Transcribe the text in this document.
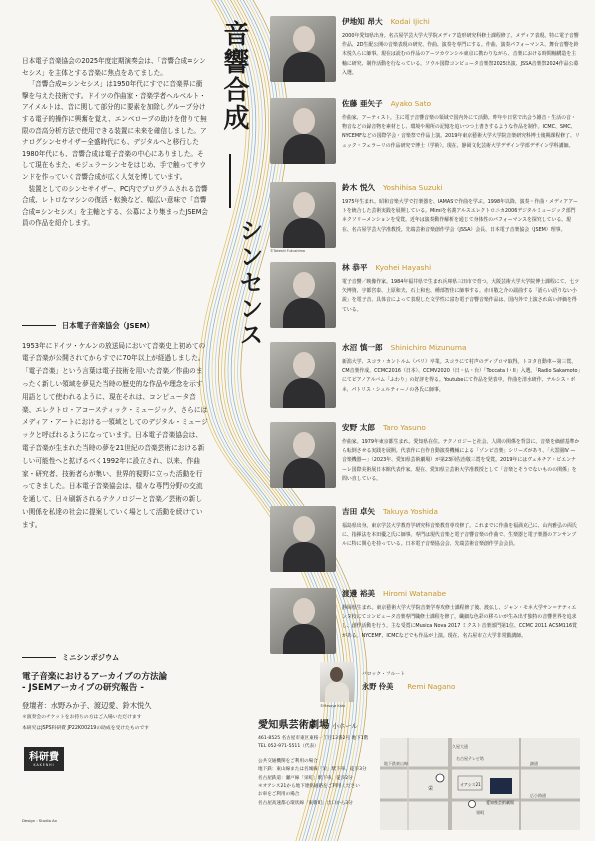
音響合成
シンセンス

日本電子音楽協会の2025年度定期演奏会は、「音響合成=シンセシス」を主体とする音楽に焦点をあてました。

「音響合成=シンセシス」は1950年代にすでに音楽界に衝撃を与えた技術です。ドイツの作曲家・音楽学者ヘルベルト・アイメルトは、音に関して部分的に要素を加除しグループ分けする電子的操作に興奮を覚え、エンベロープの助けを借りて無限の音高分析方法で使用できる装置に未来を確信しました。アナログシンセサイザー全盛時代にも、デジタルへと移行した1980年代にも、音響合成は電子音楽の中心にありました。そして現在もまた、モジュラーシンセをはじめ、手で触ってサウンドを作っていく音響合成が広く人気を博しています。

装置としてのシンセサイザー、PC内でプログラムされる音響合成、レトロなマシンの復活・転換など、幅広い意味で「音響合成=シンセシス」を主軸とする、公募により集まったJSEM会員の作品を紹介します。

日本電子音楽協会（JSEM）

1953年にドイツ・ケルンの放送局において音楽史上初めての電子音楽が公開されてからすでに70年以上が経過しました。「電子音楽」という言葉は電子技術を用いた音楽／作曲のまったく新しい領域を夢見た当時の歴史的な作品や理念を示す用語として使われるように、現在それは、コンピュータ音楽、エレクトロ・アコースティック・ミュージック、さらにはメディア・アートにおける一領域としてのデジタル・ミュージックと呼ばれるようになっています。日本電子音楽協会は、電子音楽が生まれた当時の夢を21世紀の音楽芸術における新しい可能性へと拡げるべく1992年に設立され、以来、作曲家・研究者、技術者らが集い、世界的視野に立った活動を行ってきました。日本電子音楽協会は、様々な専門分野の交流を通して、日々刷新されるテクノロジーと音楽／芸術の新しい関係を私達の社会に提案していく場として活動を続けています。

ミニシンポジウム
電子音楽におけるアーカイブの方法論
- JSEMアーカイブの研究報告 -
登壇者：水野みか子、渡辺愛、鈴木悦久
＊演奏会のチケットをお持ちの方はご入場いただけます
本研究はJSPS科研費 JP22K00219の助成を受けたものです
科研費
KAKENHI
Design : Studio Ax
伊地知 昂大 Kodai Ijichi
2000年愛知県出身。名古屋学芸大学大学院メディア造形研究科修士課程修了。メディア表現、特に電子音響作品、2D生配公開の音楽表現の研究、作曲、演奏を専門にする。作曲、演奏パフォーマンス、舞台音響を鈴木悦久らに師事。現在は読むの作品のアーツカウンシル東京に携わりながら、音楽における時間軸構造を主軸に研究、制作活動を行なっている。ソウル国際コンピュータ音楽祭2025出演、JSSA音楽祭2024作品公募入選。
佐藤 亜矢子 Ayako Sato
作曲家、アーティスト。主に電子音響音楽の領域で国内外にて活動。昨年や日常で出会う雑音・生活の音・物音などの録音物を素材とし、環境や場所の記憶を追いつつ上書きするような作品を制作。ICMC、SMC、NYCEMFなどの国際学会・音楽祭で作品上演。2019年東京藝術大学大学院音楽研究科博士後期課程修了、リュック・フェラーリの作品研究で博士（学術）。現在、静岡文化芸術大学デザイン学部デザイン学科講師。
©Takeshi Fukushima
鈴木 悦久 Yoshihisa Suzuki
1975年生まれ。昭和音楽大学で打楽器を、IAMASで作曲を学ぶ。1998年以降、演奏・作曲・メディアアートを統合した芸術実践を展開している。Mimiを名義アルスエレクトロニカ2006デジタルミュージック部門ネクソリーメンションを受賞。近年は演奏動作解析を通じて身体性のパフォーマンスを探究している。現在、名古屋学芸大学准教授。先端芸術音楽創作学会（JSSA）会長、日本電子音楽協会（JSEM）理事。
林 恭平 Kyohei Hayashi
電子音響／映像作家。1984年福井県で生まれ兵庫県三田市で育つ。大阪芸術大学大学院博士課程にて、七ツ矢博資、宇都宮泰、上原和夫、石上和也、種部智佳に師事する。赤川敬之介の謡曲する「語らい語りない小説」を電子音、具体音によって表現した文学性に富む電子音響音楽作品は、国内外で上演され高い評価を得ている。
水沼 慎一郎 Shinichiro Mizunuma
新潟大学、スコラ・カントルム（パリ）卒業。スコラにて村声のディプロマ取得。トヨタ自動車ー第三賞、CM音楽作成。CCMC2016（日本）、CCMV2020（日・仏・台）「Toccata I・II」入選。「Radio Sakamoto」にてピアノアルバム「ふわり」の好評を得る。Youtubeにて作品を発表中。作曲を清水研作、ナルシス・ボネ、パトリス・シュルティーノの各氏に師事。
安野 太郎 Taro Yasuno
作曲家。1979年東京都生まれ。愛知県在住。テクノロジーと社会、人間の関係を背景に、音楽を価値基準から転倒させる実践を展開。代表作に自作自動演奏機械による「ゾンビ音楽」シリーズがあり、「大霊園Ⅳ —音楽機器—」（2023年、愛知県芸術劇場）が第23回佐治敬三賞を受賞。2019年にはヴェネチア・ビエンナーレ国際美術展日本館代表作家。現在、愛知県立芸術大学准教授として「音楽とそうでないものの関係」を問い直している。
吉田 卓矢 Takuya Yoshida
福島県出身。東京学芸大学教育学研究科音楽教育専攻修了。これまでに作曲を福満克己に、山内雅弘の両氏に、指揮法を本田優之氏に師事。専門は現代音楽と電子音響音楽の作曲で、生楽器と電子楽器のアンサンブルに特に関心を持っている。日本電子音楽協会会、先端芸術音楽創作学会会員。
渡邊 裕美 Hiromi Watanabe
静岡県生まれ。東京藝術大学大学院音楽学専攻修士課程修了後、渡仏し、ジャン・モネ大学サン＝テティエンヌ校にてコンピュータ音楽専門職修士課程を修了。繊細な色彩の移ろいが生み出す独特の音響世界を追求し、創作活動を行う。主な受賞にMusica Nova 2017 ミクスト音楽部門第1位、CCMC 2011 ACSM116賞がある。NYCEMF、ICMCなどでも作品が上演。現在、名古屋市立大学非常勤講師。
バロック・フルート
永野 伶美 Remi Nagano
©Masaya Kato
愛知県芸術劇場 小ホール
461-8525 名古屋市東区東桜一丁目13番2号 地下1階
TEL 052-971-5511（代表）
公共交通機関をご利用の場合
地下鉄：東山線または名城線「栄」駅下車、徒歩3分
名古屋鉄道：瀬戸線「栄町」駅下車、徒歩2分
＊オアシス21から地下連絡通路をご利用ください
お車をご利用の場合
名古屋高速都心環状線「東新町」出口から3分
栄
栄町
オアシス21
愛知県芸術劇場
久屋大通
錦通
広小路通
名古屋テレビ塔
地下鉄東山線
